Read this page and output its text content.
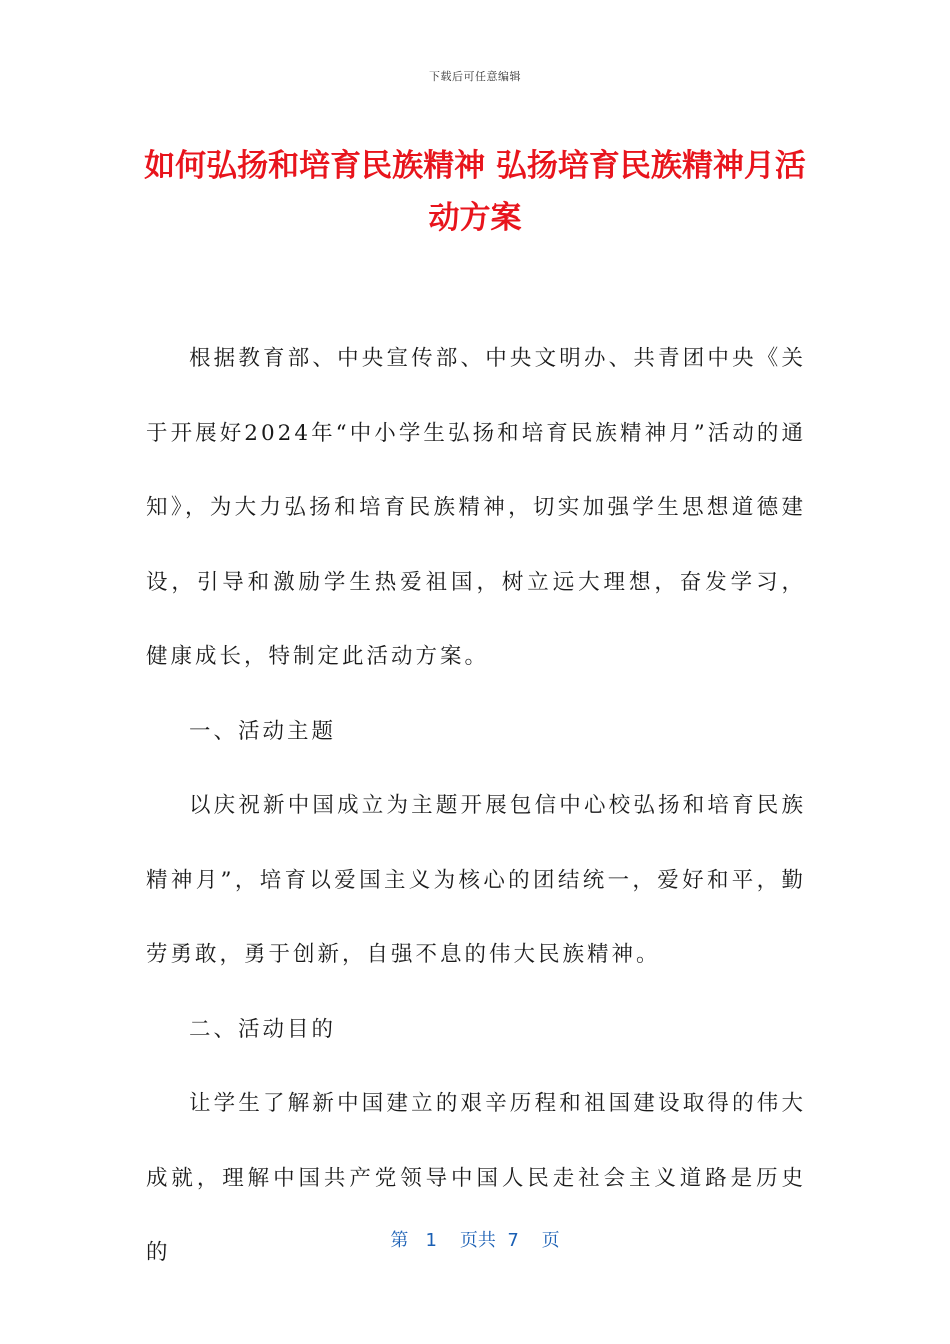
下载后可任意编辑
如何弘扬和培育民族精神 弘扬培育民族精神月活动方案

根据教育部、中央宣传部、中央文明办、共青团中央《关于开展好2024年“中小学生弘扬和培育民族精神月”活动的通知》，为大力弘扬和培育民族精神，切实加强学生思想道德建设，引导和激励学生热爱祖国，树立远大理想，奋发学习，健康成长，特制定此活动方案。

一、活动主题

以庆祝新中国成立为主题开展包信中心校弘扬和培育民族精神月”，培育以爱国主义为核心的团结统一，爱好和平，勤劳勇敢，勇于创新，自强不息的伟大民族精神。

二、活动目的

让学生了解新中国建立的艰辛历程和祖国建设取得的伟大成就，理解中国共产党领导中国人民走社会主义道路是历史的	第 1 页共 7 页
